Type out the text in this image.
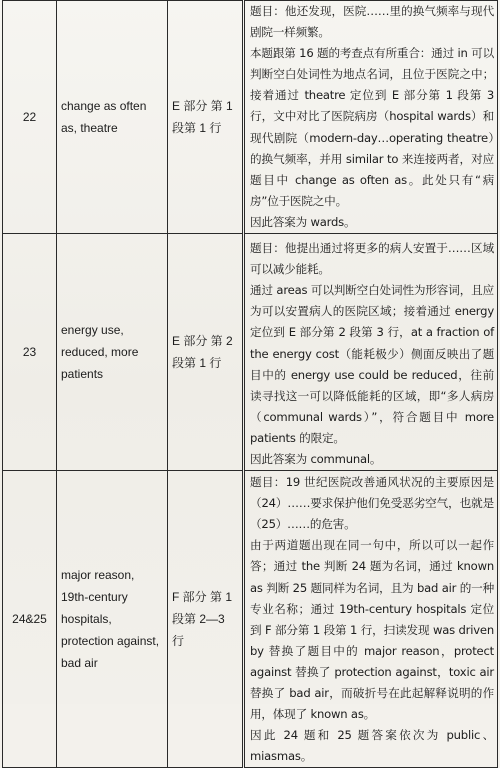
22	change as often as, theatre	E 部分 第 1 段第 1 行	题目：他还发现，医院……里的换气频率与现代剧院一样频繁。

本题跟第 16 题的考查点有所重合：通过 in 可以判断空白处词性为地点名词，且位于医院之中；接着通过 theatre 定位到 E 部分第 1 段第 3 行，文中对比了医院病房（hospital wards）和现代剧院（modern-day…operating theatre）的换气频率，并用 similar to 来连接两者，对应题目中 change as often as。此处只有“病房”位于医院之中。

因此答案为 wards。

23	energy use, reduced, more patients	E 部分 第 2 段第 1 行	题目：他提出通过将更多的病人安置于……区域可以减少能耗。

通过 areas 可以判断空白处词性为形容词，且应为可以安置病人的医院区域；接着通过 energy 定位到 E 部分第 2 段第 3 行，at a fraction of the energy cost（能耗极少）侧面反映出了题目中的 energy use could be reduced，往前读寻找这一可以降低能耗的区域，即“多人病房（communal wards）”，符合题目中 more patients 的限定。

因此答案为 communal。

24&25	major reason, 19th-century hospitals, protection against, bad air	F 部分 第 1 段第 2—3 行	题目：19 世纪医院改善通风状况的主要原因是（24）……要求保护他们免受恶劣空气，也就是（25）……的危害。

由于两道题出现在同一句中，所以可以一起作答；通过 the 判断 24 题为名词，通过 known as 判断 25 题同样为名词，且为 bad air 的一种专业名称；通过 19th-century hospitals 定位到 F 部分第 1 段第 1 行，扫读发现 was driven by 替换了题目中的 major reason，protect against 替换了 protection against，toxic air 替换了 bad air，而破折号在此起解释说明的作用，体现了 known as。

因此 24 题和 25 题答案依次为 public、miasmas。
